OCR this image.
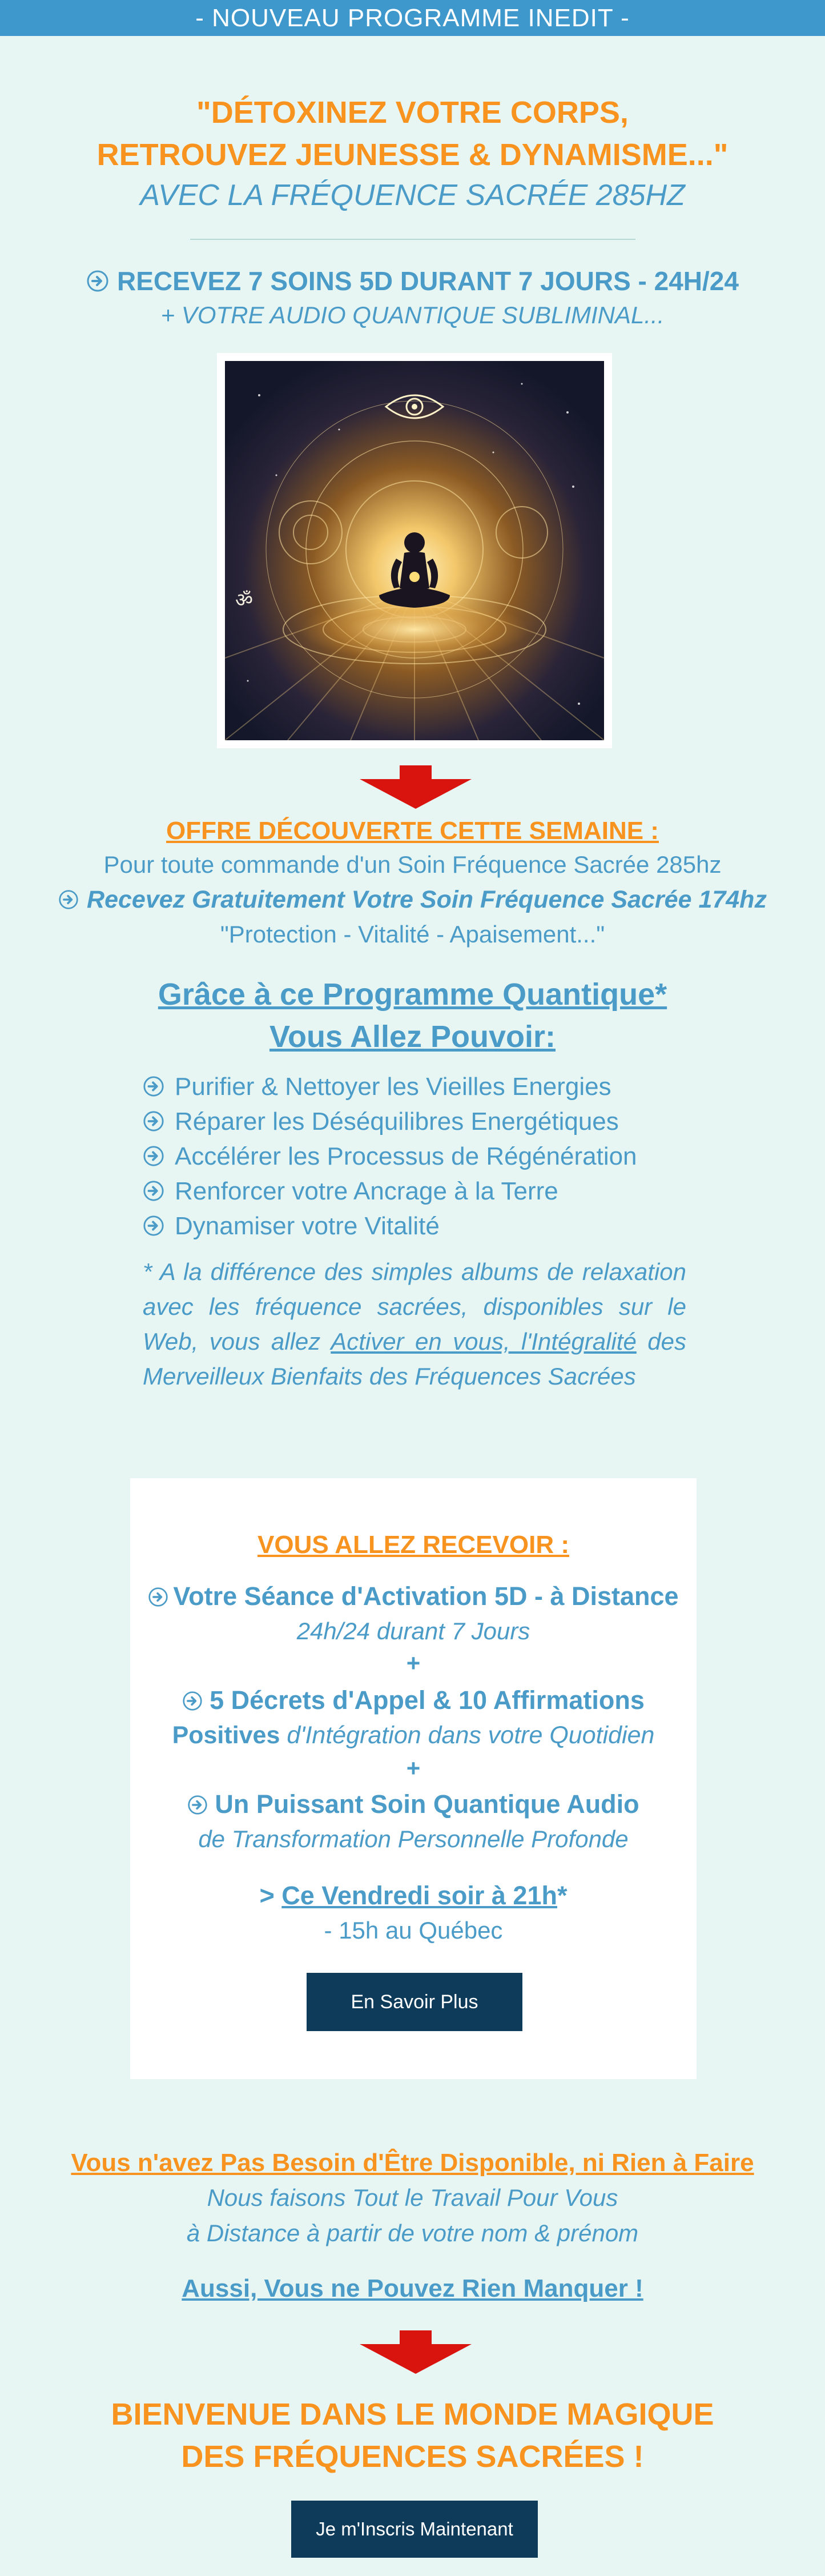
- NOUVEAU PROGRAMME INEDIT -
"DÉTOXINEZ VOTRE CORPS,
RETROUVEZ JEUNESSE & DYNAMISME..."
AVEC LA FRÉQUENCE SACRÉE 285HZ
RECEVEZ 7 SOINS 5D DURANT 7 JOURS - 24H/24
+ VOTRE AUDIO QUANTIQUE SUBLIMINAL...
ॐ
OFFRE DÉCOUVERTE CETTE SEMAINE :
Pour toute commande d'un Soin Fréquence Sacrée 285hz
Recevez Gratuitement Votre Soin Fréquence Sacrée 174hz
"Protection - Vitalité - Apaisement..."
Grâce à ce Programme Quantique*
Vous Allez Pouvoir:
Purifier & Nettoyer les Vieilles Energies
Réparer les Déséquilibres Energétiques
Accélérer les Processus de Régénération
Renforcer votre Ancrage à la Terre
Dynamiser votre Vitalité
* A la différence des simples albums de relaxation avec les fréquence sacrées, disponibles sur le Web, vous allez Activer en vous, l'Intégralité des Merveilleux Bienfaits des Fréquences Sacrées
VOUS ALLEZ RECEVOIR :
Votre Séance d'Activation 5D - à Distance
24h/24 durant 7 Jours
+
5 Décrets d'Appel & 10 Affirmations
Positives d'Intégration dans votre Quotidien
+
Un Puissant Soin Quantique Audio
de Transformation Personnelle Profonde
> Ce Vendredi soir à 21h*
- 15h au Québec
En Savoir Plus
Vous n'avez Pas Besoin d'Être Disponible, ni Rien à Faire
Nous faisons Tout le Travail Pour Vous
à Distance à partir de votre nom & prénom
Aussi, Vous ne Pouvez Rien Manquer !
BIENVENUE DANS LE MONDE MAGIQUE
DES FRÉQUENCES SACRÉES !
Je m'Inscris Maintenant
